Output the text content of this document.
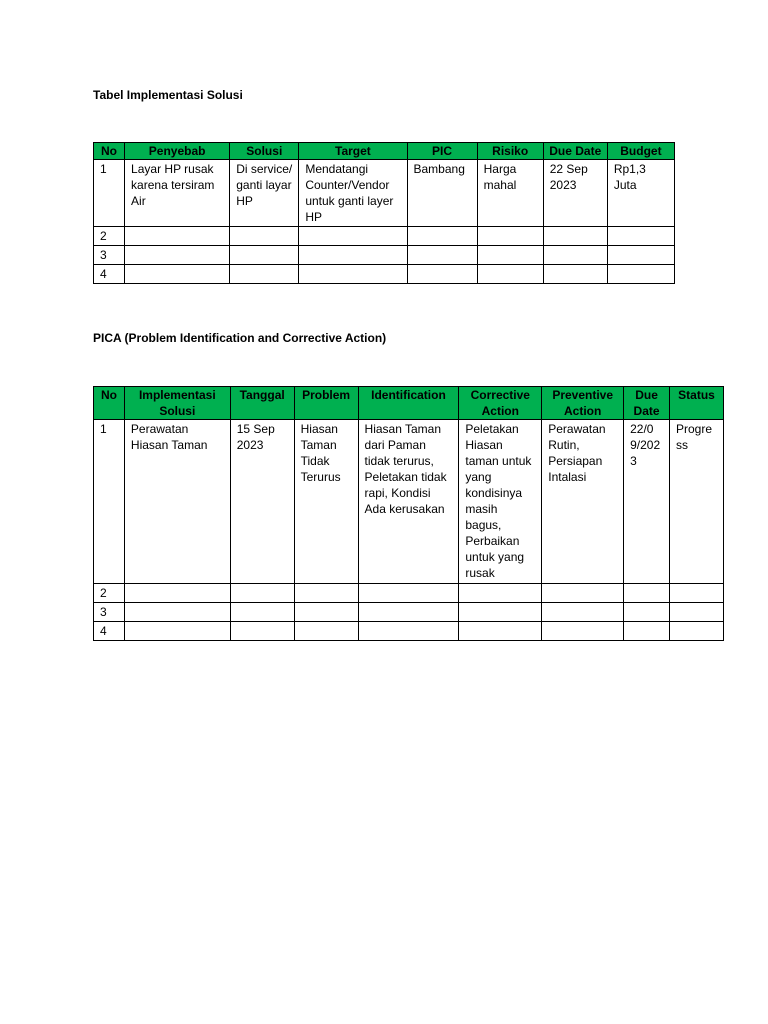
Tabel Implementasi Solusi
No	Penyebab	Solusi	Target	PIC	Risiko	Due Date	Budget
1	Layar HP rusak karena tersiram Air	Di service/ ganti layar HP	Mendatangi Counter/Vendor untuk ganti layer HP	Bambang	Harga mahal	22 Sep 2023	Rp1,3 Juta
2							
3							
4							
PICA (Problem Identification and Corrective Action)
No	Implementasi Solusi	Tanggal	Problem	Identification	Corrective Action	Preventive Action	Due Date	Status
1	Perawatan Hiasan Taman	15 Sep 2023	Hiasan Taman Tidak Terurus	Hiasan Taman dari Paman tidak terurus, Peletakan tidak rapi, Kondisi Ada kerusakan	Peletakan Hiasan taman untuk yang kondisinya masih bagus, Perbaikan untuk yang rusak	Perawatan Rutin, Persiapan Intalasi	22/09/2023	Progress
2								
3								
4								
